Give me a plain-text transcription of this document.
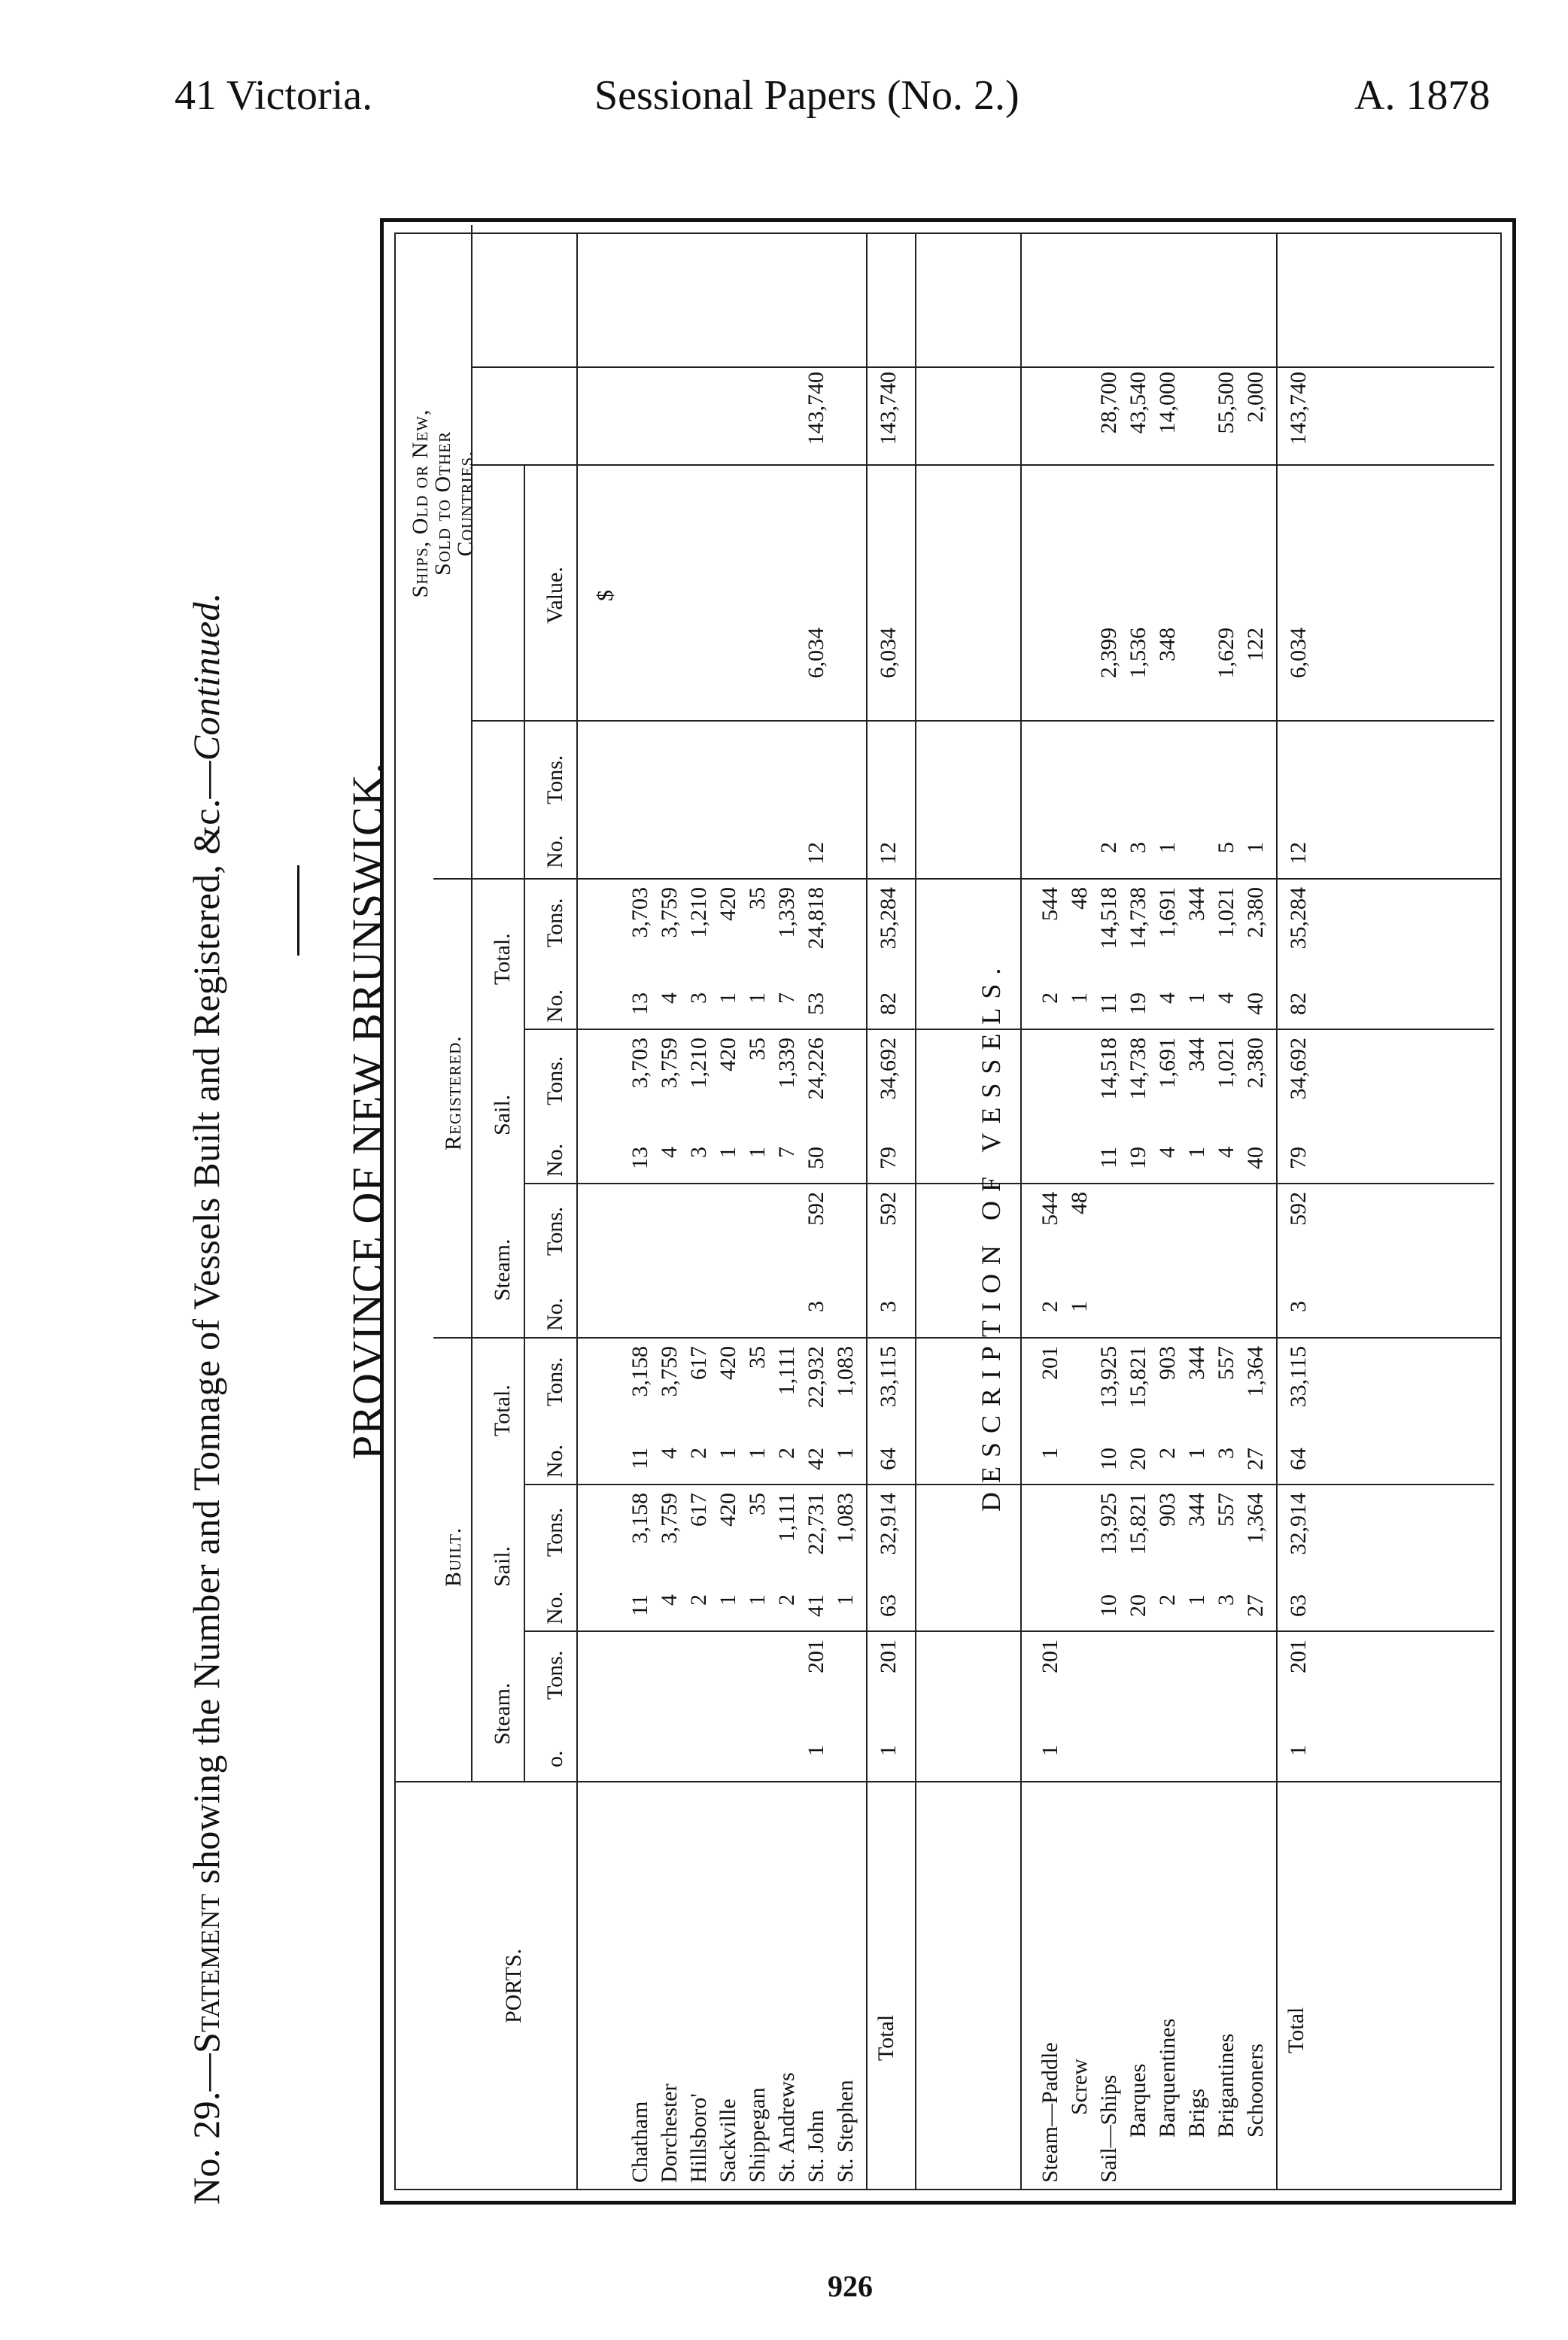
41 Victoria.	Sessional Papers (No. 2.)	A. 1878
No. 29.—Statement showing the Number and Tonnage of Vessels Built and Registered, &c.—Continued.
PROVINCE OF NEW BRUNSWICK.
PORTS.
Built.
Registered.
Ships, Old or New, Sold to Other Countries.
Steam.
Sail.
Total.
Steam.
Sail.
Total.
o.
Tons.
No.
Tons.
No.
Tons.
No.
Tons.
No.
Tons.
No.
Tons.
No.
Tons.
Value. $
Chatham
Dorchester
Hillsboro'
Sackville
Shippegan
St. Andrews
St. John
St. Stephen

1

201

11
4
2
1
1
2
41
1
3,158
3,759
617
420
35
1,111
22,731
1,083
11
4
2
1
1
2
42
1
3,158
3,759
617
420
35
1,111
22,932
1,083

3

592

13
4
3
1
1
7
50

3,703
3,759
1,210
420
35
1,339
24,226

13
4
3
1
1
7
53

3,703
3,759
1,210
420
35
1,339
24,818

12

6,034

143,740

Total
1
201
63
32,914
64
33,115
3
592
79
34,692
82
35,284
12
6,034
143,740
DESCRIPTION OF VESSELS.
Steam—Paddle
Screw
Sail—Ships
Barques
Barquentines
Brigs
Brigantines
Schooners
1

201

10
20
2
1
3
27

13,925
15,821
903
344
557
1,364
1

10
20
2
1
3
27
201

13,925
15,821
903
344
557
1,364
2
1

544
48

11
19
4
1
4
40

14,518
14,738
1,691
344
1,021
2,380
2
1
11
19
4
1
4
40
544
48
14,518
14,738
1,691
344
1,021
2,380

2
3
1

5
1

2,399
1,536
348

1,629
122

28,700
43,540
14,000

55,500
2,000
Total
1
201
63
32,914
64
33,115
3
592
79
34,692
82
35,284
12
6,034
143,740
926
